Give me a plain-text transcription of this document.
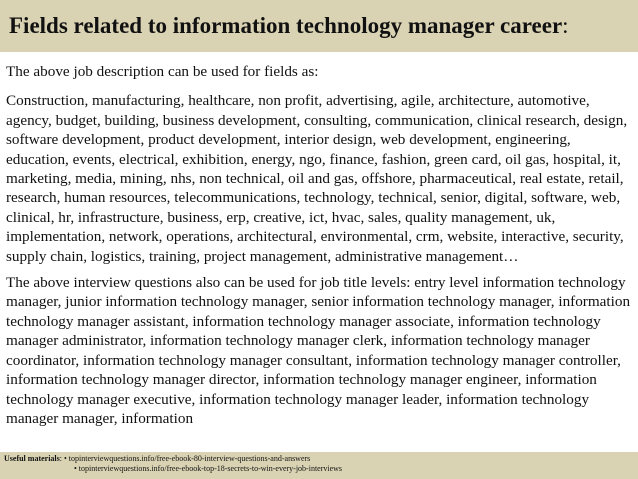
Fields related to information technology manager career:

The above job description can be used for fields as:

Construction, manufacturing, healthcare, non profit, advertising, agile, architecture, automotive, agency, budget, building, business development, consulting, communication, clinical research, design, software development, product development, interior design, web development, engineering, education, events, electrical, exhibition, energy, ngo, finance, fashion, green card, oil gas, hospital, it, marketing, media, mining, nhs, non technical, oil and gas, offshore, pharmaceutical, real estate, retail, research, human resources, telecommunications, technology, technical, senior, digital, software, web, clinical, hr, infrastructure, business, erp, creative, ict, hvac, sales, quality management, uk, implementation, network, operations, architectural, environmental, crm, website, interactive, security, supply chain, logistics, training, project management, administrative management…

The above interview questions also can be used for job title levels: entry level information technology manager, junior information technology manager, senior information technology manager, information technology manager assistant, information technology manager associate, information technology manager administrator, information technology manager clerk, information technology manager coordinator, information technology manager consultant, information technology manager controller, information technology manager director, information technology manager engineer, information technology manager executive, information technology manager leader, information technology manager manager, information

Useful materials: • topinterviewquestions.info/free-ebook-80-interview-questions-and-answers
• topinterviewquestions.info/free-ebook-top-18-secrets-to-win-every-job-interviews
